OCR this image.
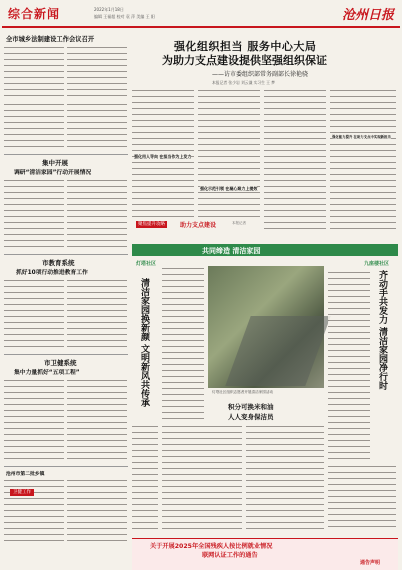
综合新闻	2022年1月18日
编辑 王福超 校对 袁 萍 美编 王 阳	沧州日报
全市城乡法制建设工作会议召开
集中开展
调研“清洁家园”行动开展情况
市教育系统
抓好10项行动推进教育工作
市卫健系统
集中力量抓好“五项工程”
沧州市第二批乡镇
卫健工作
强化组织担当 服务中心大局
为助力支点建设提供坚强组织保证
——访市委组织部常务副部长徐艳骁
本报记者 张少岩 刘云谦 实习生 王 梦
强化用人导向 在担当作为上发力
强化示范引领 在凝心聚力上提效
强化能力提升 在助力支点中实现新担当
聚焦提升攻略	助力支点建设	本报记者
共同缔造 清洁家园
灯塔社区
清洁家园换新颜 文明新风共传承	灯塔社区组织志愿者开展清洁家园活动
九座楼社区
齐动手共发力 清洁家园净行时
积分可换米和油
人人变身保洁员
关于开展2025年全国残疾人按比例就业情况
联网认证工作的通告
通告声明
